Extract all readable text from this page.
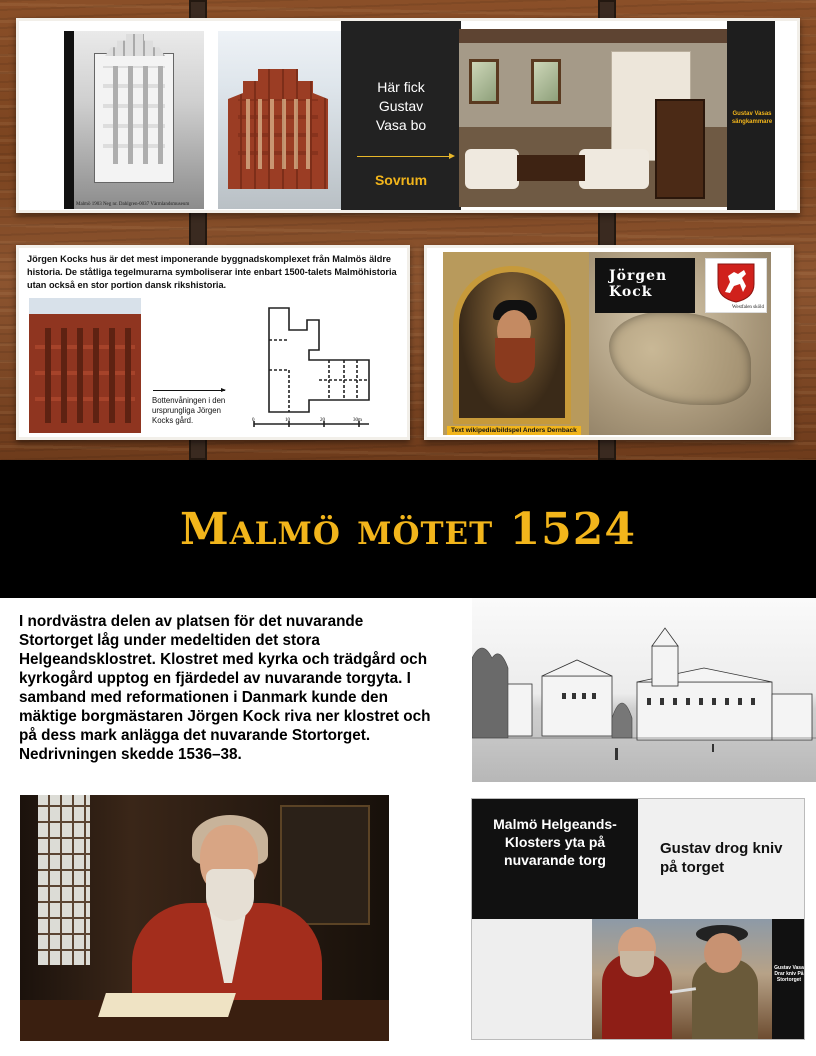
Malmö 1903 Neg nr. Dahlgren-0037 Värmlandsmuseum
Här fick Gustav Vasa bo
Sovrum
Gustav Vasas sängkammare
Jörgen Kocks hus är det mest imponerande byggnadskomplexet från Malmös äldre historia. De ståtliga tegelmurarna symboliserar inte enbart 1500-talets Malmöhistoria utan också en stor portion dansk rikshistoria.
Bottenvåningen i den ursprungliga Jörgen Kocks gård.	0	10	20	30m
Text wikipedia/bildspel Anders Dernback
Jörgen Kock
Westfalen sköld
Malmö mötet 1524

I nordvästra delen av platsen för det nuvarande Stortorget låg under medeltiden det stora Helgeandsklostret. Klostret med kyrka och trädgård och kyrkogård upptog en fjärdedel av nuvarande torgyta. I samband med reformationen i Danmark kunde den mäktige borgmästaren Jörgen Kock riva ner klostret och på dess mark anlägga det nuvarande Stortorget. Nedrivningen skedde 1536–38.

Malmö Helgeands-Klosters yta på nuvarande torg
Gustav drog kniv på torget
Gustav Vasa Drar kniv På Stortorget
